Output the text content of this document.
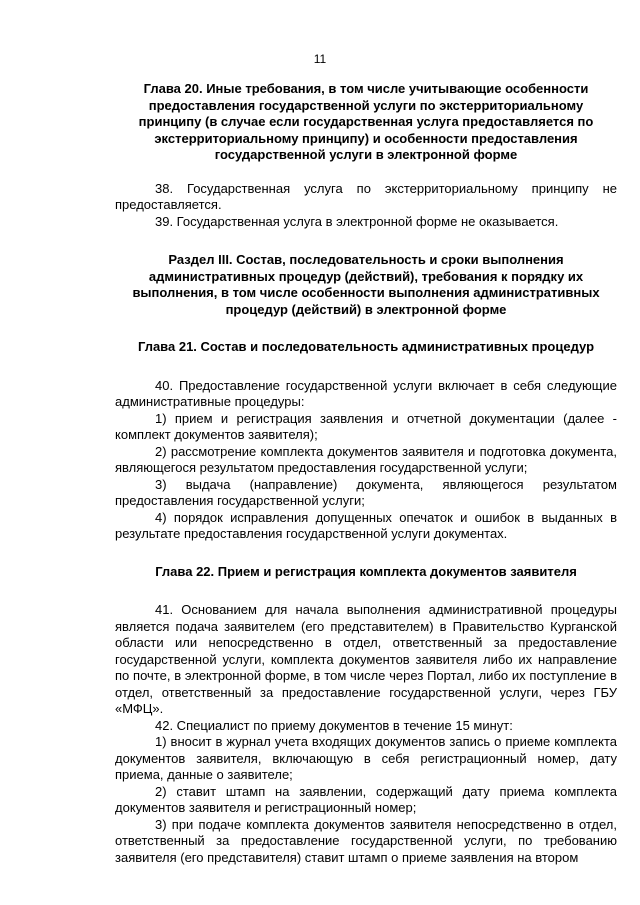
11

Глава 20. Иные требования, в том числе учитывающие особенности

предоставления государственной услуги по экстерриториальному

принципу (в случае если государственная услуга предоставляется по

экстерриториальному принципу) и особенности предоставления

государственной услуги в электронной форме

38. Государственная услуга по экстерриториальному принципу не предоставляется.

39. Государственная услуга в электронной форме не оказывается.

Раздел III. Состав, последовательность и сроки выполнения

административных процедур (действий), требования к порядку их

выполнения, в том числе особенности выполнения административных

процедур (действий) в электронной форме

Глава 21. Состав и последовательность административных процедур

40. Предоставление государственной услуги включает в себя следующие административные процедуры:

1) прием и регистрация заявления и отчетной документации (далее - комплект документов заявителя);

2) рассмотрение комплекта документов заявителя и подготовка документа, являющегося результатом предоставления государственной услуги;

3) выдача (направление) документа, являющегося результатом предоставления государственной услуги;

4) порядок исправления допущенных опечаток и ошибок в выданных в результате предоставления государственной услуги документах.

Глава 22. Прием и регистрация комплекта документов заявителя

41. Основанием для начала выполнения административной процедуры является подача заявителем (его представителем) в Правительство Курганской области или непосредственно в отдел, ответственный за предоставление государственной услуги, комплекта документов заявителя либо их направление по почте, в электронной форме, в том числе через Портал, либо их поступление в отдел, ответственный за предоставление государственной услуги, через ГБУ «МФЦ».

42. Специалист по приему документов в течение 15 минут:

1) вносит в журнал учета входящих документов запись о приеме комплекта документов заявителя, включающую в себя регистрационный номер, дату приема, данные о заявителе;

2) ставит штамп на заявлении, содержащий дату приема комплекта документов заявителя и регистрационный номер;

3) при подаче комплекта документов заявителя непосредственно в отдел, ответственный за предоставление государственной услуги, по требованию заявителя (его представителя) ставит штамп о приеме заявления на втором
